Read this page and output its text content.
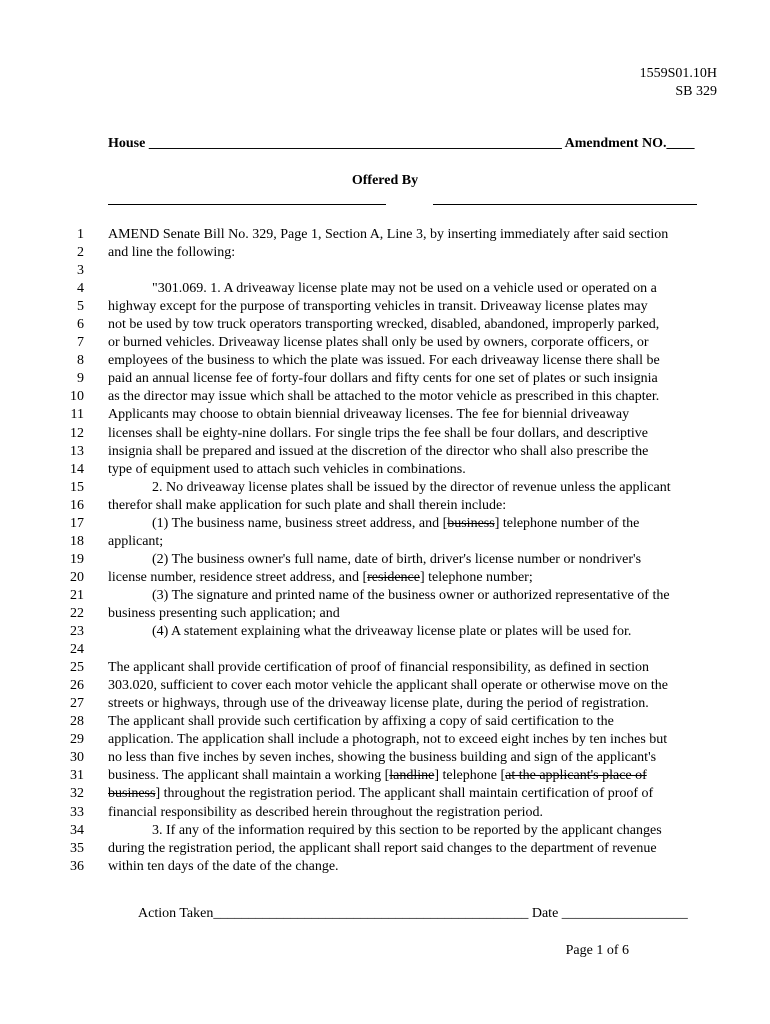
1559S01.10H
SB 329
House ___________________________________________________________ Amendment NO.____
Offered By
1 AMEND Senate Bill No. 329, Page 1, Section A, Line 3, by inserting immediately after said section
2 and line the following:
3
4	"301.069. 1. A driveaway license plate may not be used on a vehicle used or operated on a
5 highway except for the purpose of transporting vehicles in transit. Driveaway license plates may
6 not be used by tow truck operators transporting wrecked, disabled, abandoned, improperly parked,
7 or burned vehicles. Driveaway license plates shall only be used by owners, corporate officers, or
8 employees of the business to which the plate was issued. For each driveaway license there shall be
9 paid an annual license fee of forty-four dollars and fifty cents for one set of plates or such insignia
10 as the director may issue which shall be attached to the motor vehicle as prescribed in this chapter.
11 Applicants may choose to obtain biennial driveaway licenses. The fee for biennial driveaway
12 licenses shall be eighty-nine dollars. For single trips the fee shall be four dollars, and descriptive
13 insignia shall be prepared and issued at the discretion of the director who shall also prescribe the
14 type of equipment used to attach such vehicles in combinations.
15	2. No driveaway license plates shall be issued by the director of revenue unless the applicant
16 therefor shall make application for such plate and shall therein include:
17	(1) The business name, business street address, and [business] telephone number of the
18 applicant;
19	(2) The business owner's full name, date of birth, driver's license number or nondriver's
20 license number, residence street address, and [residence] telephone number;
21	(3) The signature and printed name of the business owner or authorized representative of the
22 business presenting such application; and
23	(4) A statement explaining what the driveaway license plate or plates will be used for.
24
25 The applicant shall provide certification of proof of financial responsibility, as defined in section
26 303.020, sufficient to cover each motor vehicle the applicant shall operate or otherwise move on the
27 streets or highways, through use of the driveaway license plate, during the period of registration.
28 The applicant shall provide such certification by affixing a copy of said certification to the
29 application. The application shall include a photograph, not to exceed eight inches by ten inches but
30 no less than five inches by seven inches, showing the business building and sign of the applicant's
31 business. The applicant shall maintain a working [landline] telephone [at the applicant's place of
32 business] throughout the registration period. The applicant shall maintain certification of proof of
33 financial responsibility as described herein throughout the registration period.
34	3. If any of the information required by this section to be reported by the applicant changes
35 during the registration period, the applicant shall report said changes to the department of revenue
36 within ten days of the date of the change.
Action Taken_____________________________________________ Date __________________
Page 1 of 6
